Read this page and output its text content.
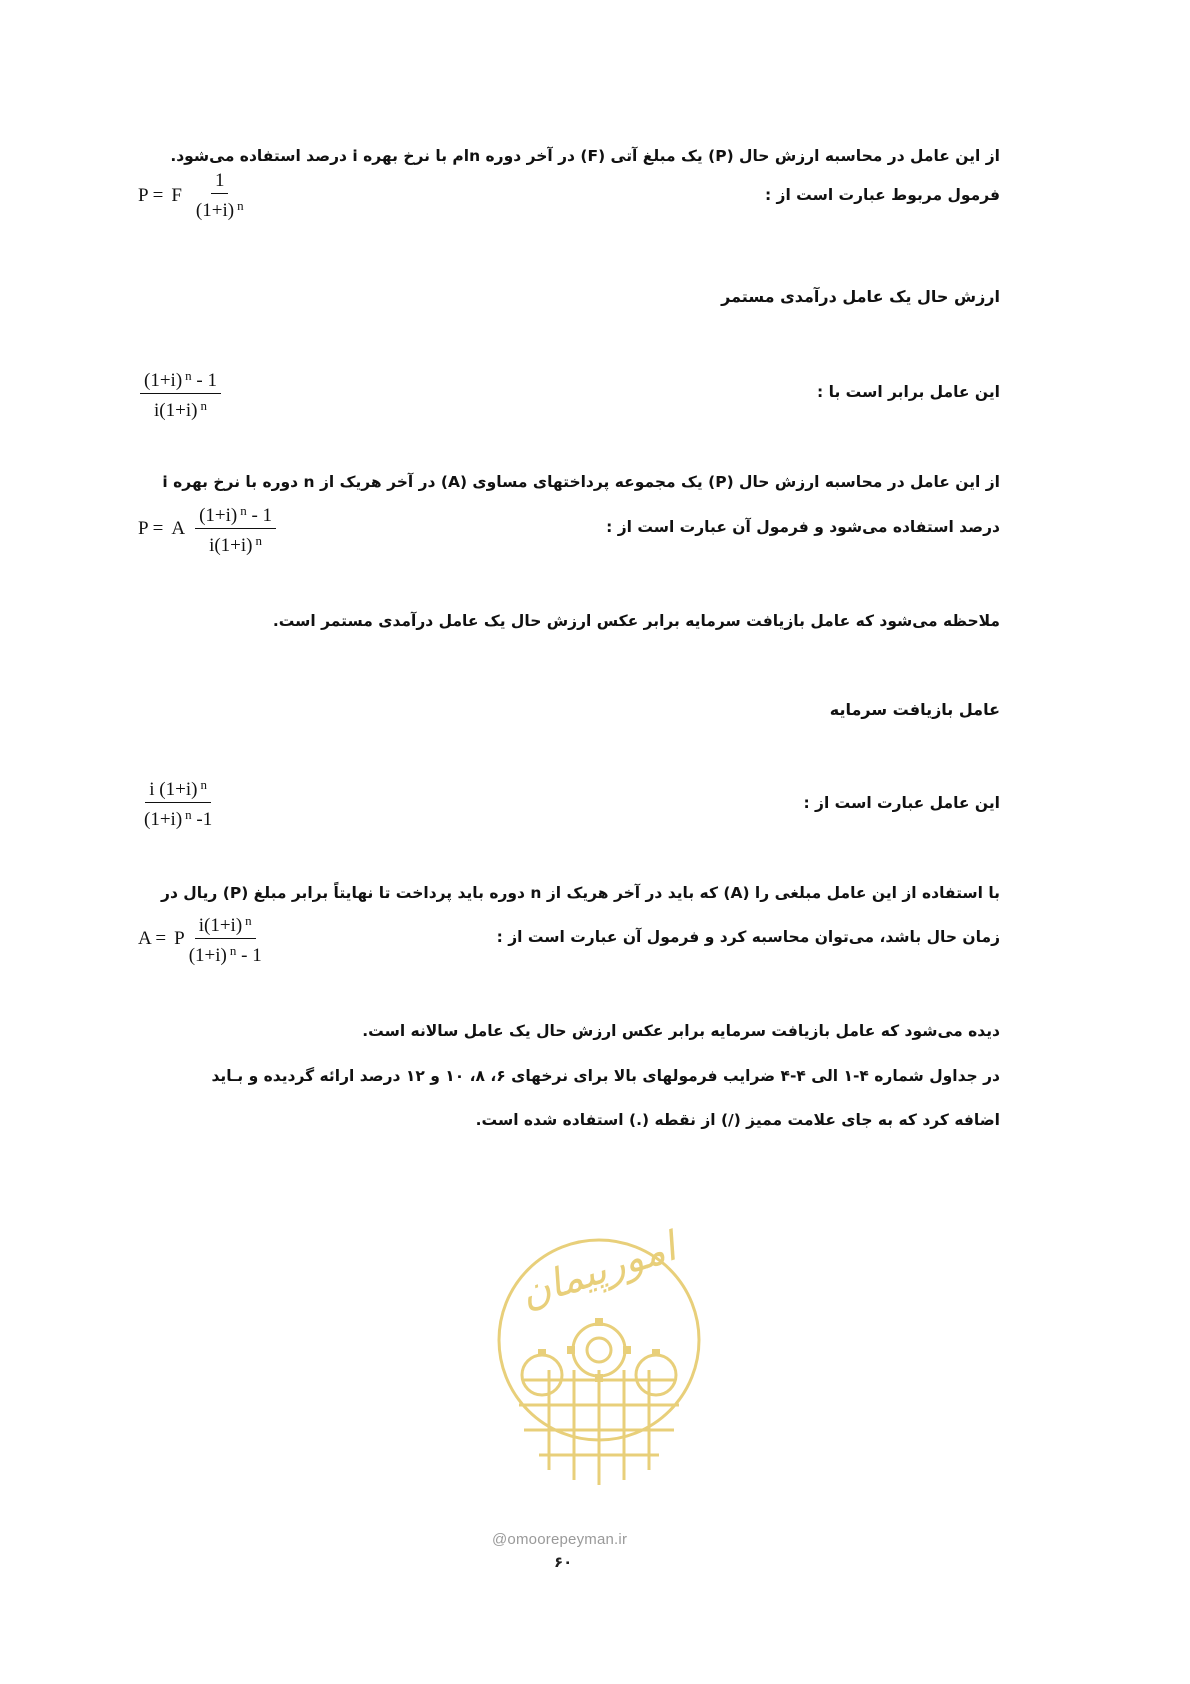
از این عامل در محاسبه ارزش حال (P) یک مبلغ آتی (F) در آخر دوره nام با نرخ بهره i درصد استفاده می‌شود.
فرمول مربوط عبارت است از :
P = F $\frac{1}{(1+i) ^n}$
ارزش حال یک عامل درآمدی مستمر
این عامل برابر است با :
$\frac{(1+i) ^n - 1}{i(1+i) ^n}$
از این عامل در محاسبه ارزش حال (P) یک مجموعه پرداختهای مساوی (A) در آخر هریک از n دوره با نرخ بهره i
درصد استفاده می‌شود و فرمول آن عبارت است از :
P = A $\frac{(1+i) ^n - 1}{i(1+i) ^n}$
ملاحظه می‌شود که عامل بازیافت سرمایه برابر عکس ارزش حال یک عامل درآمدی مستمر است.
عامل بازیافت سرمایه
این عامل عبارت است از :
$\frac{i (1+i) ^n}{(1+i) ^n -1}$
با استفاده از این عامل مبلغی را (A) که باید در آخر هریک از n دوره باید پرداخت تا نهایتاً برابر مبلغ (P) ریال در
زمان حال باشد، می‌توان محاسبه کرد و فرمول آن عبارت است از :
A = P $\frac{i(1+i) ^n}{(1+i) ^n - 1}$
دیده می‌شود که عامل بازیافت سرمایه برابر عکس ارزش حال یک عامل سالانه است.
در جداول شماره ۴-۱ الی ۴-۴ ضرایب فرمولهای بالا برای نرخهای ۶، ۸، ۱۰ و ۱۲ درصد ارائه گردیده و بـاید
اضافه کرد که به جای علامت ممیز (/) از نقطه (.) استفاده شده است.
امورپیمان
@omoorepeyman.ir
۶۰
